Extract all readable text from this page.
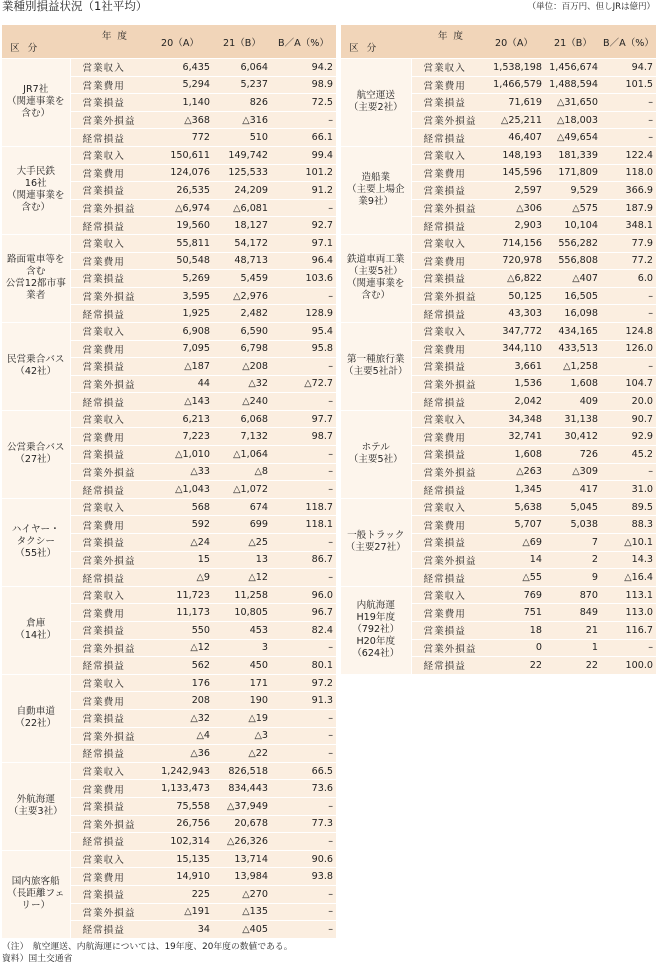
業種別損益状況（1社平均）	（単位：百万円、但しJRは億円）
年度
区分		20（A）	21（B）	B／A（%）
JR7社
（関連事業を含む）	営業収入	6,435	6,064	94.2
	営業費用	5,294	5,237	98.9
	営業損益	1,140	826	72.5
	営業外損益	△368	△316	–
	経常損益	772	510	66.1
大手民鉄
16社
（関連事業を含む）	営業収入	150,611	149,742	99.4
	営業費用	124,076	125,533	101.2
	営業損益	26,535	24,209	91.2
	営業外損益	△6,974	△6,081	–
	経常損益	19,560	18,127	92.7
路面電車等を含む
公営12都市事業者	営業収入	55,811	54,172	97.1
	営業費用	50,548	48,713	96.4
	営業損益	5,269	5,459	103.6
	営業外損益	3,595	△2,976	–
	経常損益	1,925	2,482	128.9
民営乗合バス
（42社）	営業収入	6,908	6,590	95.4
	営業費用	7,095	6,798	95.8
	営業損益	△187	△208	–
	営業外損益	44	△32	△72.7
	経常損益	△143	△240	–
公営乗合バス
（27社）	営業収入	6,213	6,068	97.7
	営業費用	7,223	7,132	98.7
	営業損益	△1,010	△1,064	–
	営業外損益	△33	△8	–
	経常損益	△1,043	△1,072	–
ハイヤー・
タクシー
（55社）	営業収入	568	674	118.7
	営業費用	592	699	118.1
	営業損益	△24	△25	–
	営業外損益	15	13	86.7
	経常損益	△9	△12	–
倉庫
（14社）	営業収入	11,723	11,258	96.0
	営業費用	11,173	10,805	96.7
	営業損益	550	453	82.4
	営業外損益	△12	3	–
	経常損益	562	450	80.1
自動車道
（22社）	営業収入	176	171	97.2
	営業費用	208	190	91.3
	営業損益	△32	△19	–
	営業外損益	△4	△3	–
	経常損益	△36	△22	–
外航海運
（主要3社）	営業収入	1,242,943	826,518	66.5
	営業費用	1,133,473	834,443	73.6
	営業損益	75,558	△37,949	–
	営業外損益	26,756	20,678	77.3
	経常損益	102,314	△26,326	–
国内旅客船
（長距離フェリー）	営業収入	15,135	13,714	90.6
	営業費用	14,910	13,984	93.8
	営業損益	225	△270	–
	営業外損益	△191	△135	–
	経常損益	34	△405	–
年度
区分		20（A）	21（B）	B／A（%）
航空運送
（主要2社）	営業収入	1,538,198	1,456,674	94.7
	営業費用	1,466,579	1,488,594	101.5
	営業損益	71,619	△31,650	–
	営業外損益	△25,211	△18,003	–
	経常損益	46,407	△49,654	–
造船業
（主要上場企業9社）	営業収入	148,193	181,339	122.4
	営業費用	145,596	171,809	118.0
	営業損益	2,597	9,529	366.9
	営業外損益	△306	△575	187.9
	経常損益	2,903	10,104	348.1
鉄道車両工業
（主要5社）
（関連事業を含む）	営業収入	714,156	556,282	77.9
	営業費用	720,978	556,808	77.2
	営業損益	△6,822	△407	6.0
	営業外損益	50,125	16,505	–
	経常損益	43,303	16,098	–
第一種旅行業
（主要5社計）	営業収入	347,772	434,165	124.8
	営業費用	344,110	433,513	126.0
	営業損益	3,661	△1,258	–
	営業外損益	1,536	1,608	104.7
	経常損益	2,042	409	20.0
ホテル
（主要5社）	営業収入	34,348	31,138	90.7
	営業費用	32,741	30,412	92.9
	営業損益	1,608	726	45.2
	営業外損益	△263	△309	–
	経常損益	1,345	417	31.0
一般トラック
（主要27社）	営業収入	5,638	5,045	89.5
	営業費用	5,707	5,038	88.3
	営業損益	△69	7	△10.1
	営業外損益	14	2	14.3
	経常損益	△55	9	△16.4
内航海運
H19年度
（792社）
H20年度
（624社）	営業収入	769	870	113.1
	営業費用	751	849	113.0
	営業損益	18	21	116.7
	営業外損益	0	1	–
	経常損益	22	22	100.0
（注）　航空運送、内航海運については、19年度、20年度の数値である。
資料）国土交通省
